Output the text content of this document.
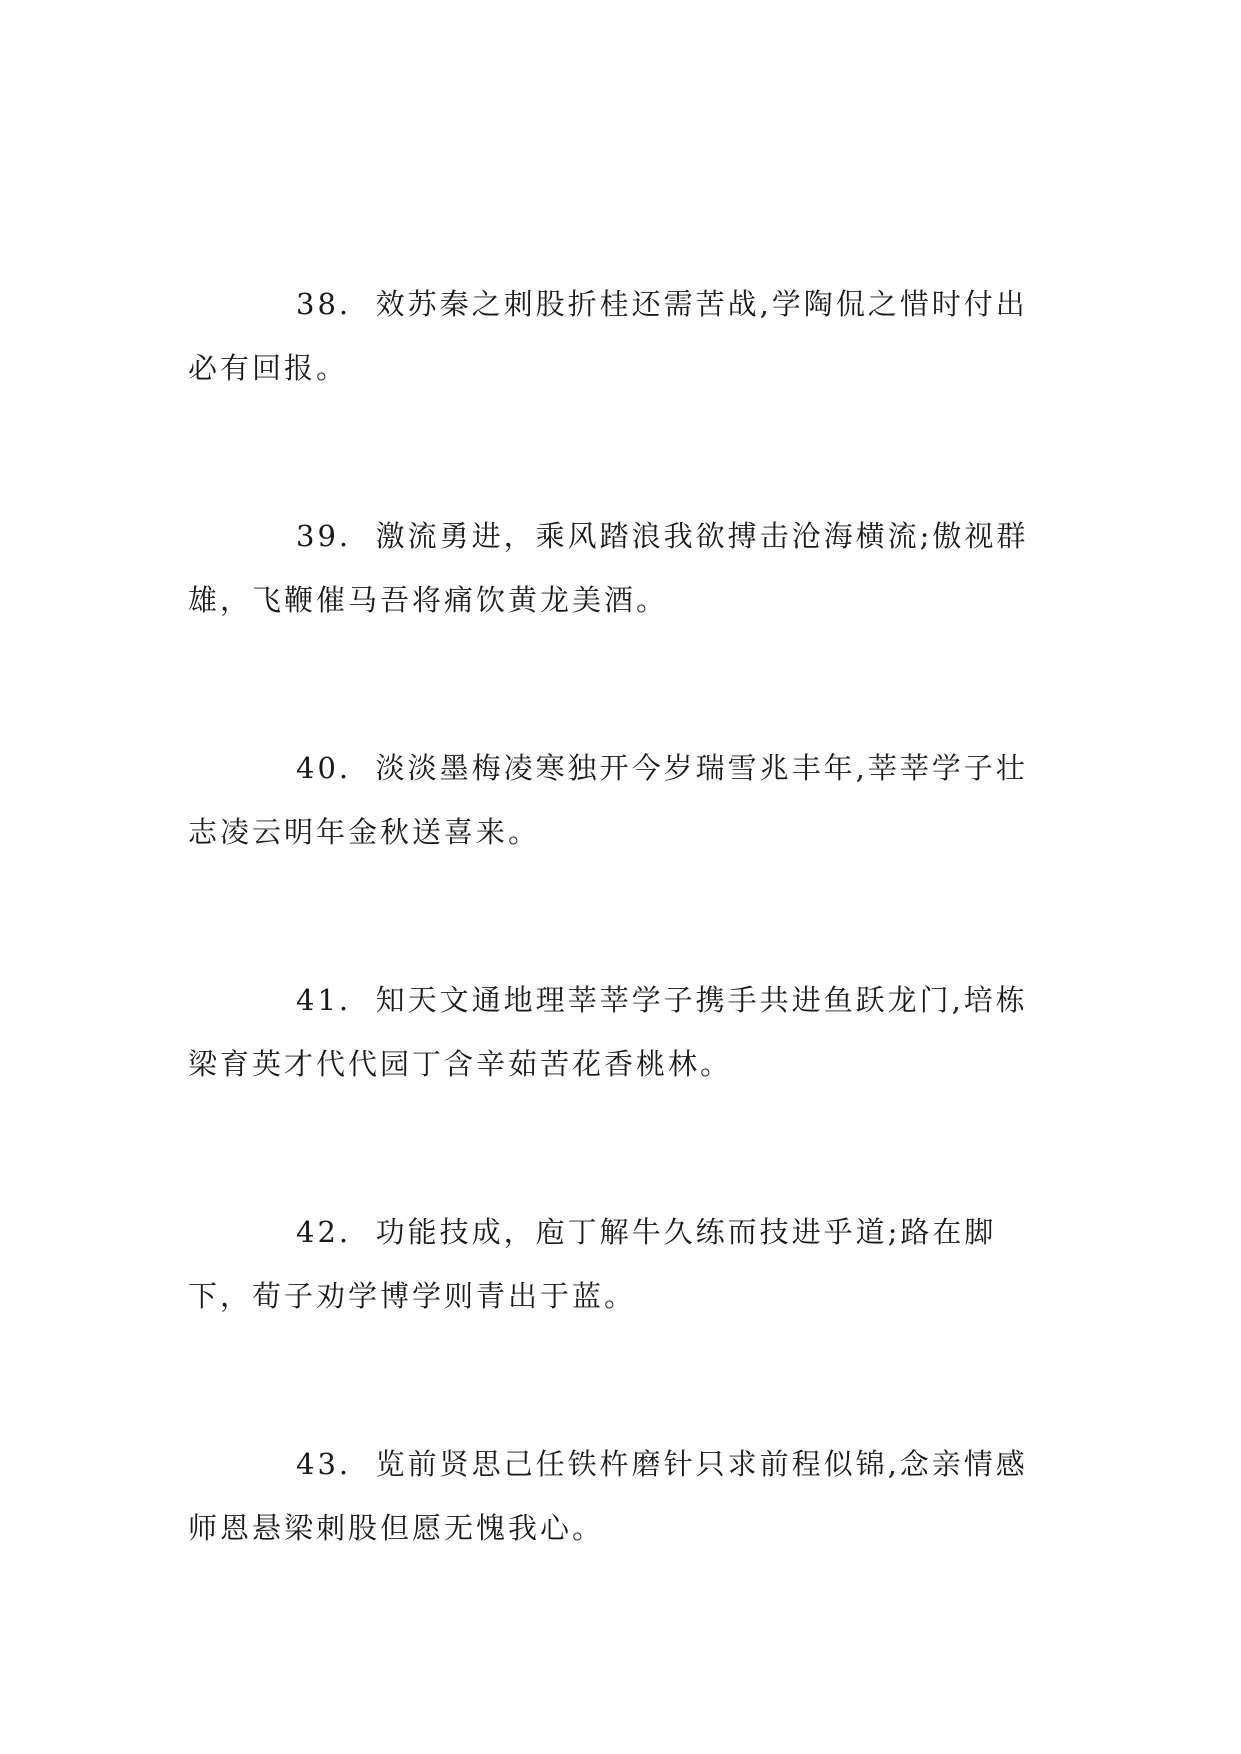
38. 效苏秦之刺股折桂还需苦战,学陶侃之惜时付出必有回报。

39. 激流勇进，乘风踏浪我欲搏击沧海横流;傲视群雄，飞鞭催马吾将痛饮黄龙美酒。

40. 淡淡墨梅凌寒独开今岁瑞雪兆丰年,莘莘学子壮志凌云明年金秋送喜来。

41. 知天文通地理莘莘学子携手共进鱼跃龙门,培栋梁育英才代代园丁含辛茹苦花香桃林。

42. 功能技成，庖丁解牛久练而技进乎道;路在脚下，荀子劝学博学则青出于蓝。

43. 览前贤思己任铁杵磨针只求前程似锦,念亲情感师恩悬梁刺股但愿无愧我心。
